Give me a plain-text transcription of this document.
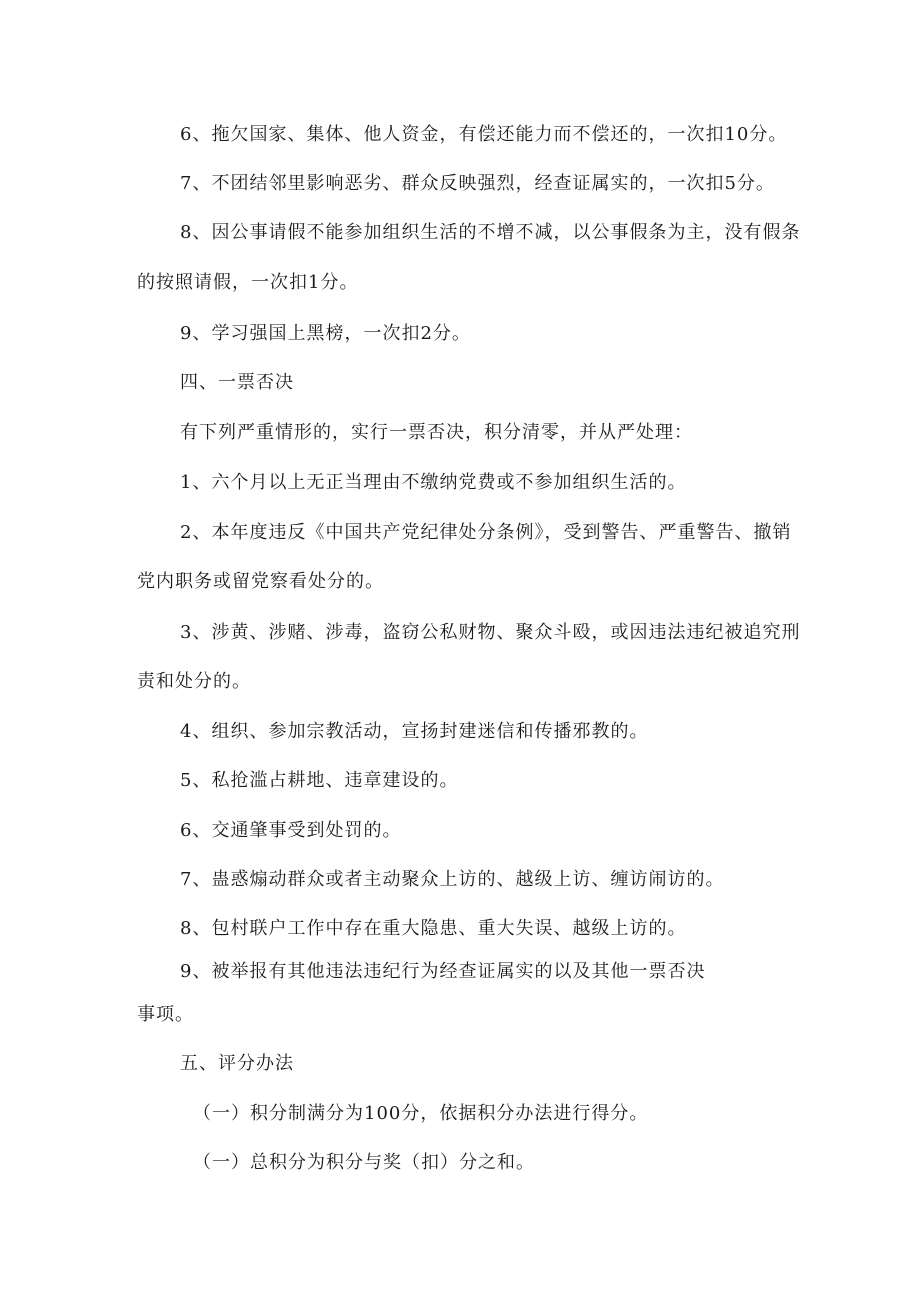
6、拖欠国家、集体、他人资金，有偿还能力而不偿还的，一次扣10分。
7、不团结邻里影响恶劣、群众反映强烈，经查证属实的，一次扣5分。
8、因公事请假不能参加组织生活的不增不减，以公事假条为主，没有假条
的按照请假，一次扣1分。
9、学习强国上黑榜，一次扣2分。
四、一票否决
有下列严重情形的，实行一票否决，积分清零，并从严处理：
1、六个月以上无正当理由不缴纳党费或不参加组织生活的。
2、本年度违反《中国共产党纪律处分条例》，受到警告、严重警告、撤销
党内职务或留党察看处分的。
3、涉黄、涉赌、涉毒，盗窃公私财物、聚众斗殴，或因违法违纪被追究刑
责和处分的。
4、组织、参加宗教活动，宣扬封建迷信和传播邪教的。
5、私抢滥占耕地、违章建设的。
6、交通肇事受到处罚的。
7、蛊惑煽动群众或者主动聚众上访的、越级上访、缠访闹访的。
8、包村联户工作中存在重大隐患、重大失误、越级上访的。
9、被举报有其他违法违纪行为经查证属实的以及其他一票否决
事项。
五、评分办法
（一）积分制满分为100分，依据积分办法进行得分。
（一）总积分为积分与奖（扣）分之和。
